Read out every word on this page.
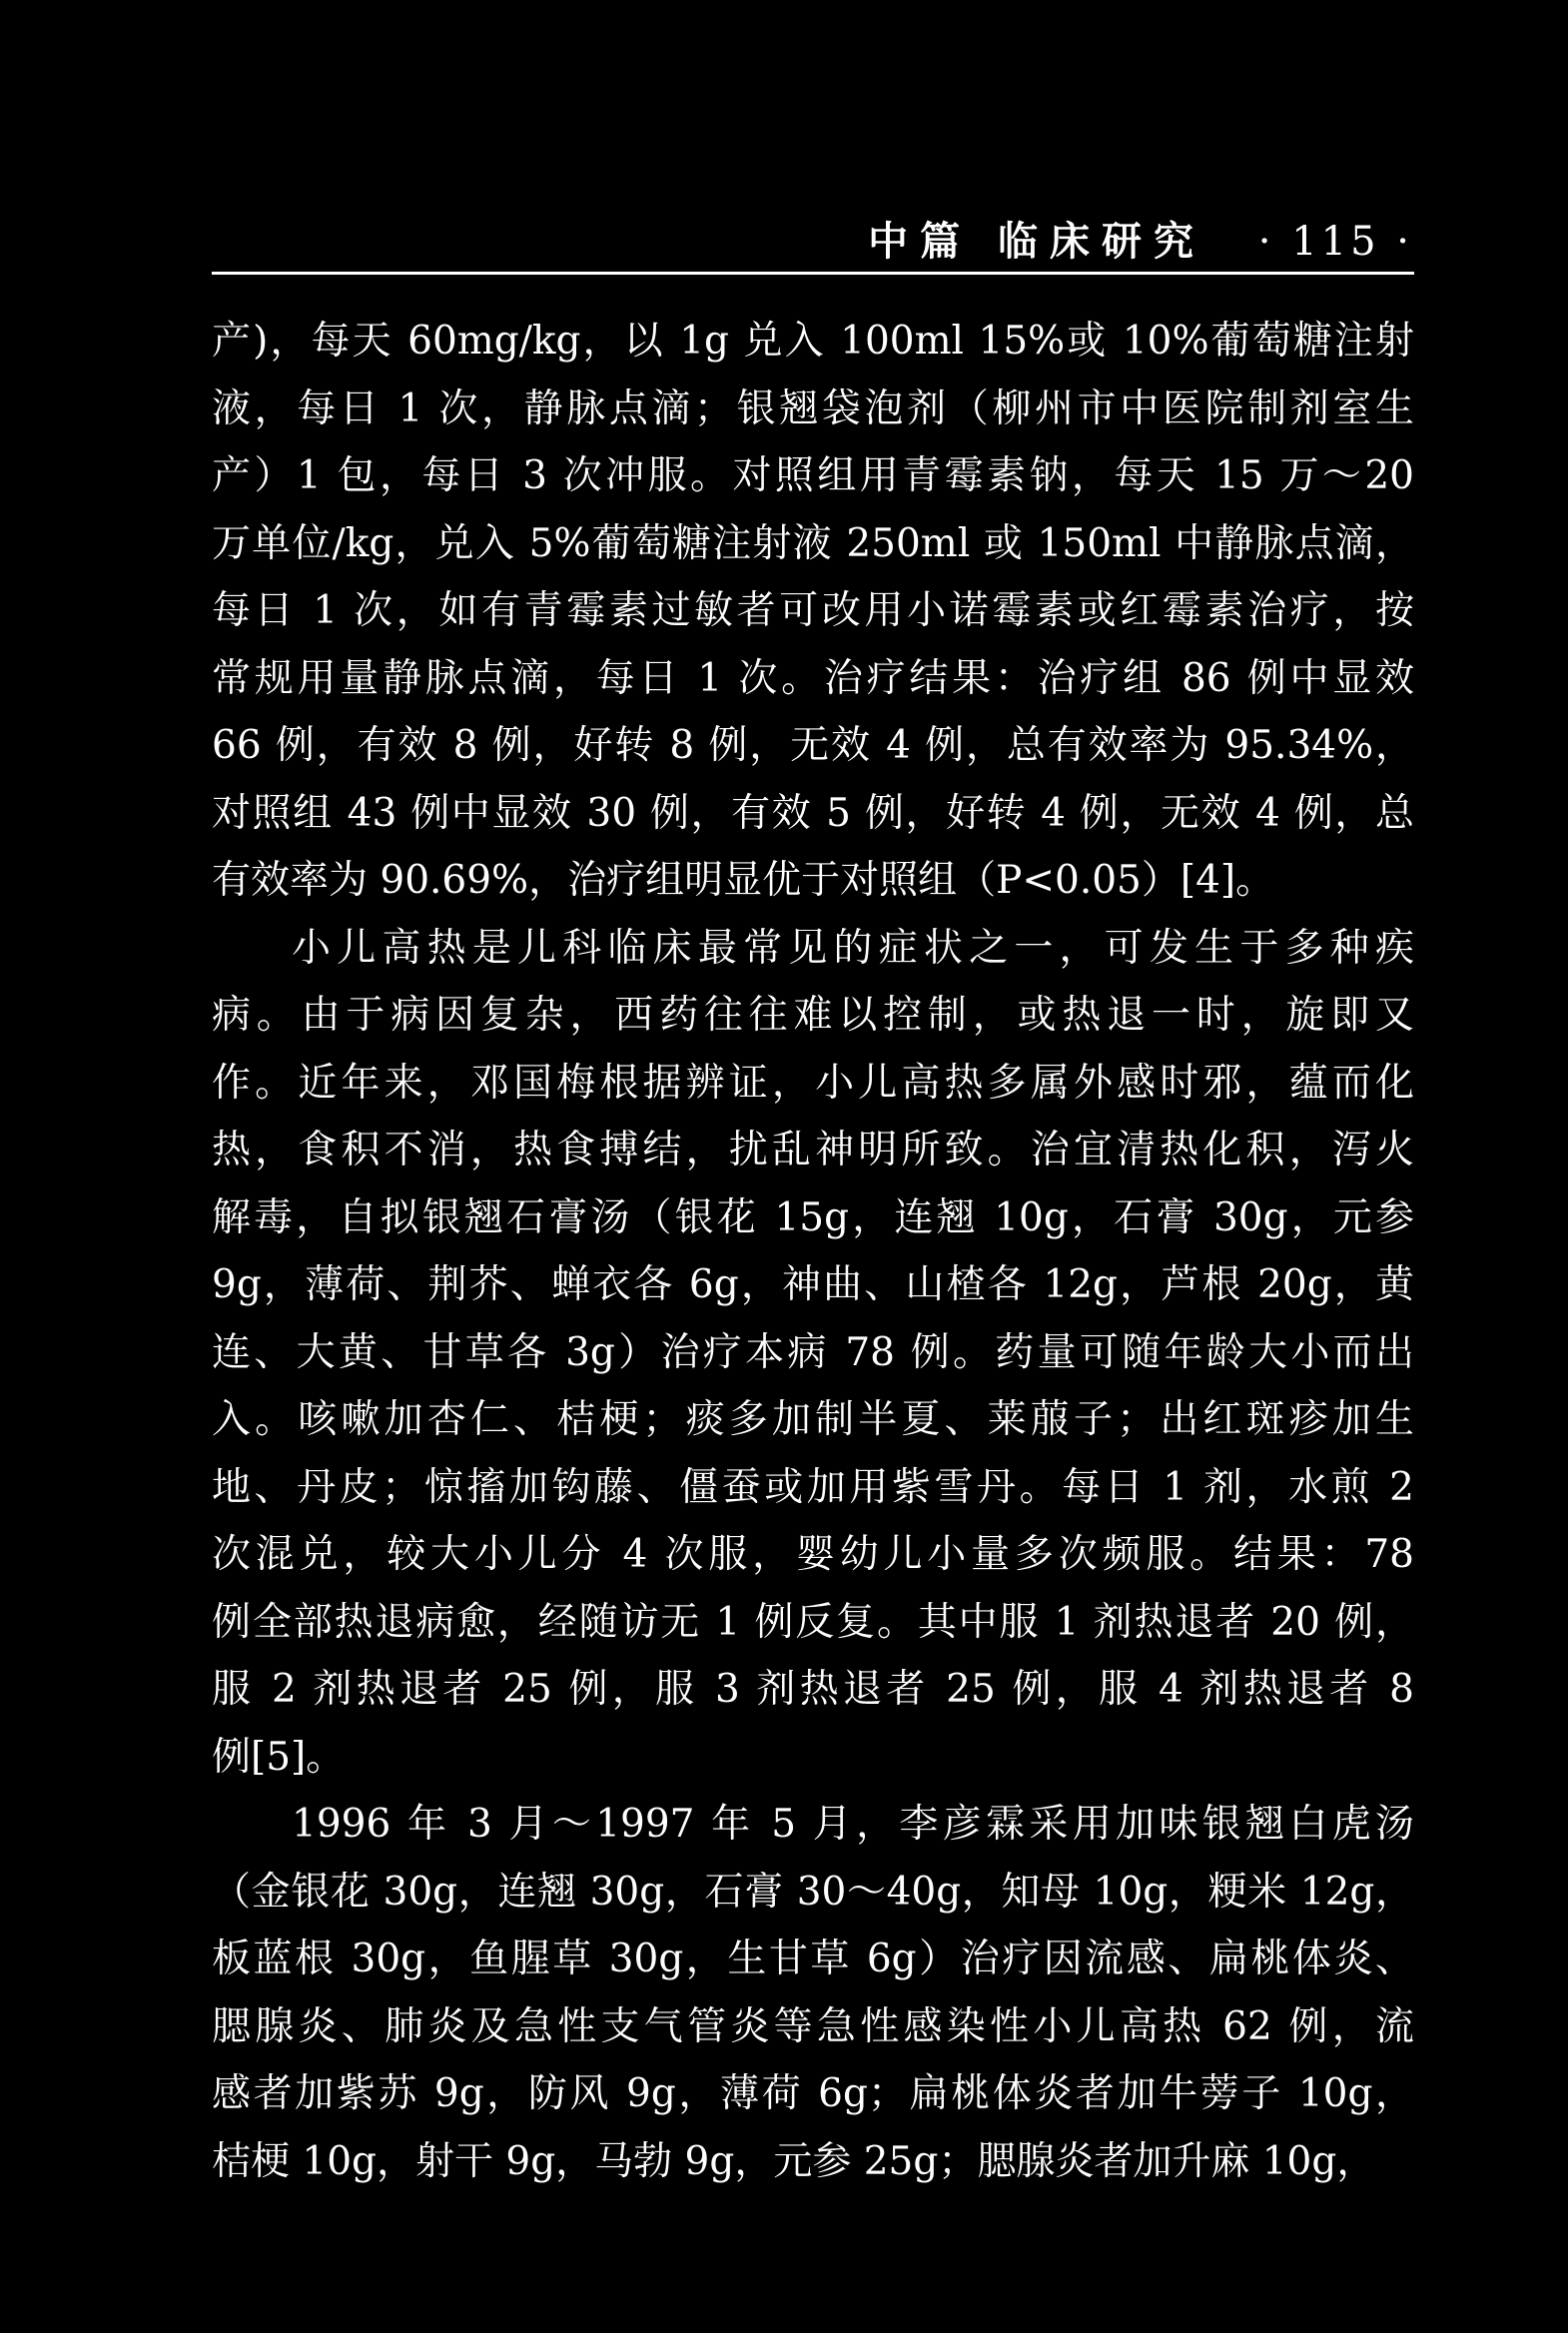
中篇 临床研究 · 115 ·
产)，每天 60mg/kg，以 1g 兑入 100ml 15%或 10%葡萄糖注射
液，每日 1 次，静脉点滴；银翘袋泡剂（柳州市中医院制剂室生
产）1 包，每日 3 次冲服。对照组用青霉素钠，每天 15 万～20
万单位/kg，兑入 5%葡萄糖注射液 250ml 或 150ml 中静脉点滴，
每日 1 次，如有青霉素过敏者可改用小诺霉素或红霉素治疗，按
常规用量静脉点滴，每日 1 次。治疗结果：治疗组 86 例中显效
66 例，有效 8 例，好转 8 例，无效 4 例，总有效率为 95.34%，
对照组 43 例中显效 30 例，有效 5 例，好转 4 例，无效 4 例，总
有效率为 90.69%，治疗组明显优于对照组（P<0.05）[4]。
小儿高热是儿科临床最常见的症状之一，可发生于多种疾
病。由于病因复杂，西药往往难以控制，或热退一时，旋即又
作。近年来，邓国梅根据辨证，小儿高热多属外感时邪，蕴而化
热，食积不消，热食搏结，扰乱神明所致。治宜清热化积，泻火
解毒，自拟银翘石膏汤（银花 15g，连翘 10g，石膏 30g，元参
9g，薄荷、荆芥、蝉衣各 6g，神曲、山楂各 12g，芦根 20g，黄
连、大黄、甘草各 3g）治疗本病 78 例。药量可随年龄大小而出
入。咳嗽加杏仁、桔梗；痰多加制半夏、莱菔子；出红斑疹加生
地、丹皮；惊搐加钩藤、僵蚕或加用紫雪丹。每日 1 剂，水煎 2
次混兑，较大小儿分 4 次服，婴幼儿小量多次频服。结果：78
例全部热退病愈，经随访无 1 例反复。其中服 1 剂热退者 20 例，
服 2 剂热退者 25 例，服 3 剂热退者 25 例，服 4 剂热退者 8
例[5]。
1996 年 3 月～1997 年 5 月，李彦霖采用加味银翘白虎汤
（金银花 30g，连翘 30g，石膏 30～40g，知母 10g，粳米 12g，
板蓝根 30g，鱼腥草 30g，生甘草 6g）治疗因流感、扁桃体炎、
腮腺炎、肺炎及急性支气管炎等急性感染性小儿高热 62 例，流
感者加紫苏 9g，防风 9g，薄荷 6g；扁桃体炎者加牛蒡子 10g，
桔梗 10g，射干 9g，马勃 9g，元参 25g；腮腺炎者加升麻 10g，
